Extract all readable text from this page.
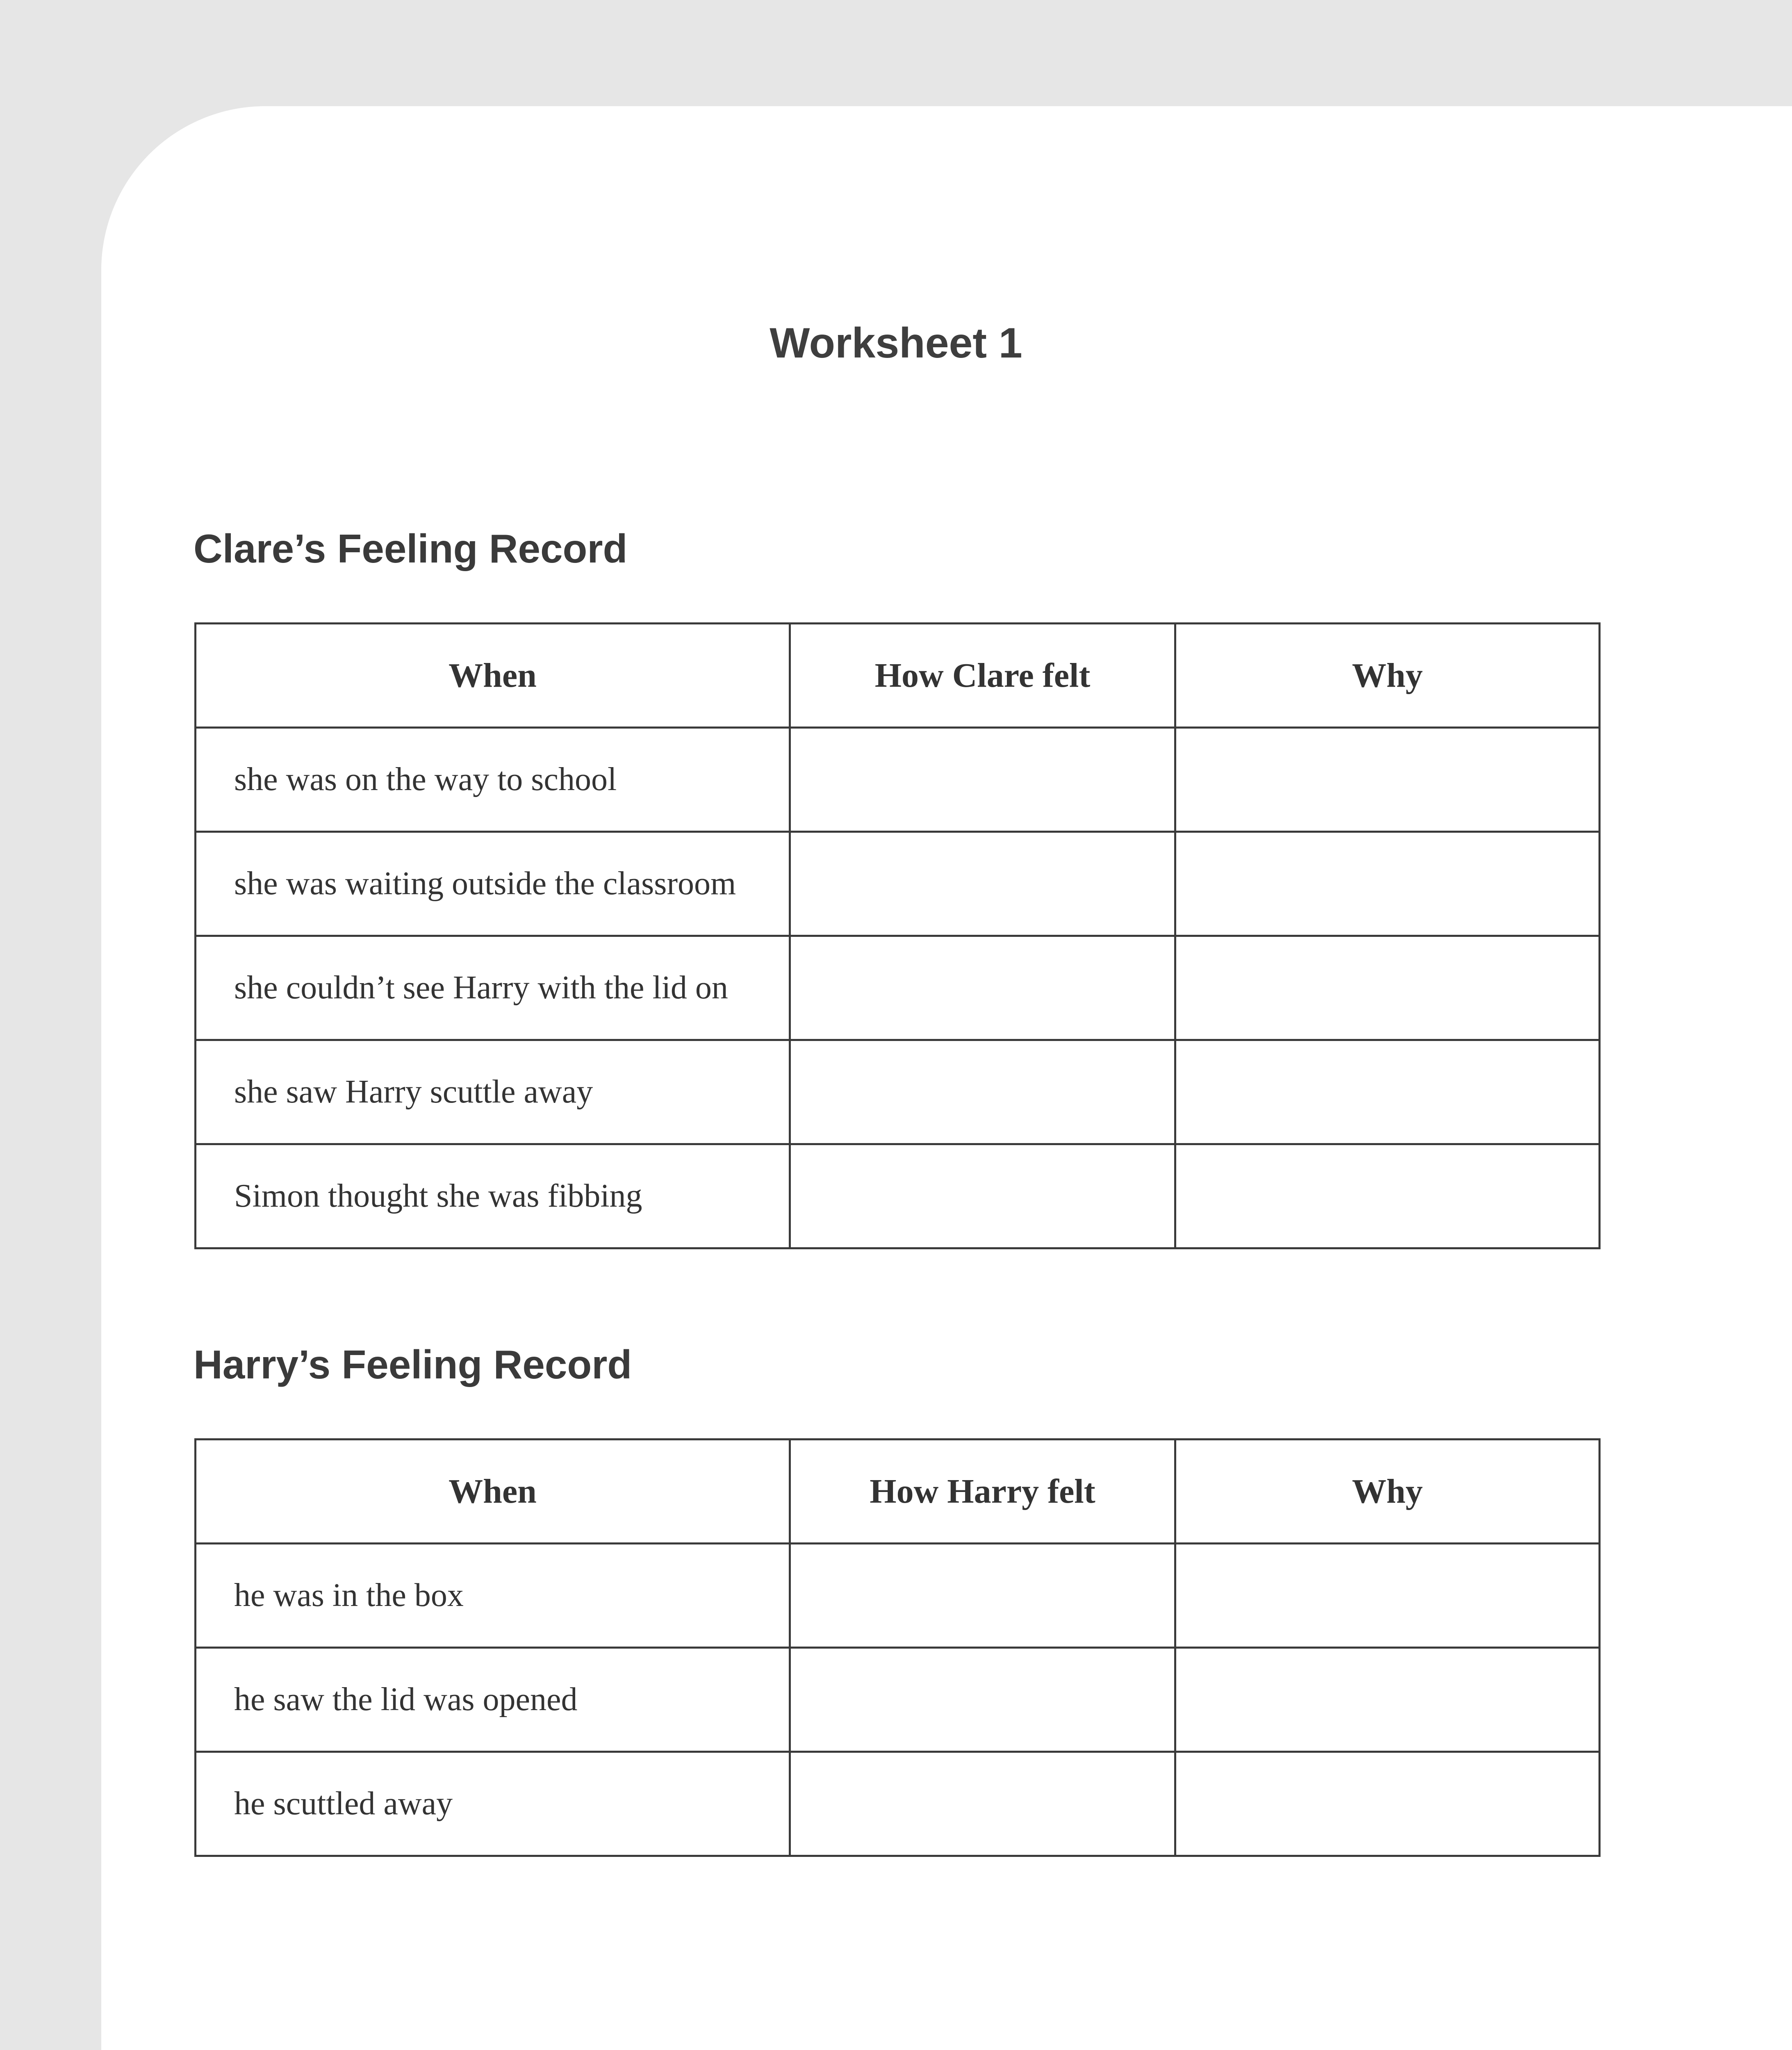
Worksheet 1
Clare’s Feeling Record
When	How Clare felt	Why
she was on the way to school		
she was waiting outside the classroom		
she couldn’t see Harry with the lid on		
she saw Harry scuttle away		
Simon thought she was fibbing		
Harry’s Feeling Record
When	How Harry felt	Why
he was in the box		
he saw the lid was opened		
he scuttled away		
